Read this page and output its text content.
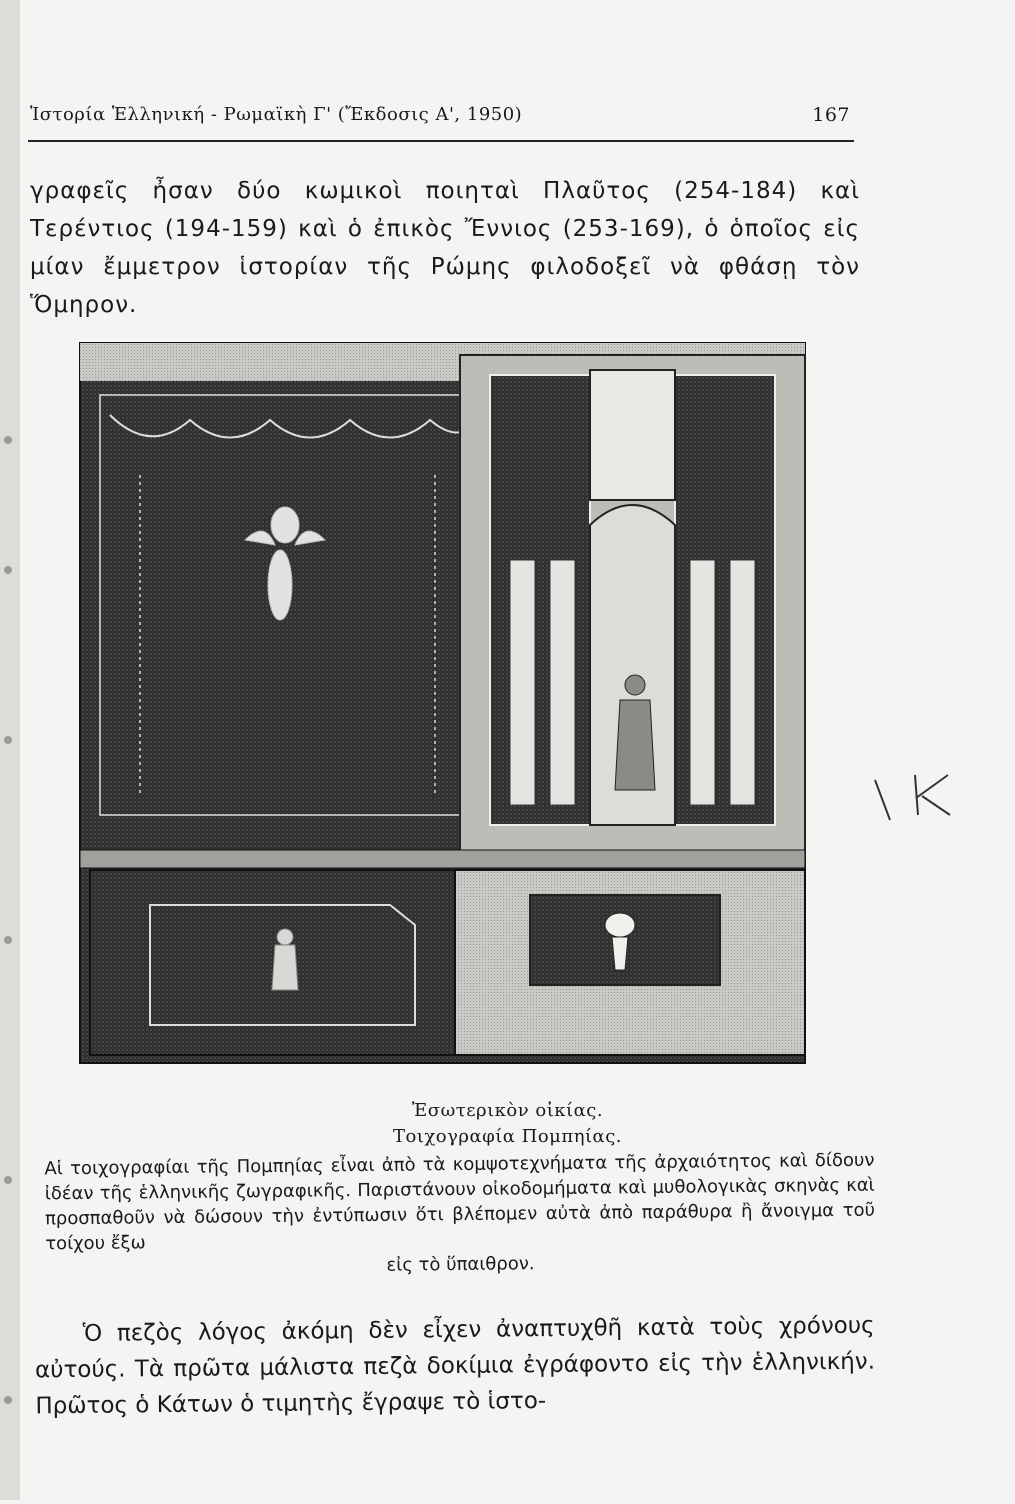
Ἱστορία Ἑλληνική - Ρωμαϊκὴ Γ' (Ἔκδοσις Α', 1950)	167
γραφεῖς ἦσαν δύο κωμικοὶ ποιηταὶ Πλαῦτος (254-184) καὶ Τερέντιος (194-159) καὶ ὁ ἐπικὸς Ἔννιος (253-169), ὁ ὁποῖος εἰς μίαν ἔμμετρον ἱστορίαν τῆς Ρώμης φιλοδοξεῖ νὰ φθάσῃ τὸν Ὅμηρον.
Ἐσωτερικὸν οἰκίας.
Τοιχογραφία Πομπηίας.
Αἱ τοιχογραφίαι τῆς Πομπηίας εἶναι ἀπὸ τὰ κομψοτεχνήματα τῆς ἀρχαιότητος καὶ δίδουν ἰδέαν τῆς ἑλληνικῆς ζωγραφικῆς. Παριστάνουν οἰκοδομήματα καὶ μυθολογικὰς σκηνὰς καὶ προσπαθοῦν νὰ δώσουν τὴν ἐντύπωσιν ὅτι βλέπομεν αὐτὰ ἀπὸ παράθυρα ἢ ἄνοιγμα τοῦ τοίχου ἔξω
εἰς τὸ ὕπαιθρον.
Ὁ πεζὸς λόγος ἀκόμη δὲν εἶχεν ἀναπτυχθῆ κατὰ τοὺς χρόνους αὐτούς. Τὰ πρῶτα μάλιστα πεζὰ δοκίμια ἐγράφοντο εἰς τὴν ἑλληνικήν. Πρῶτος ὁ Κάτων ὁ τιμητὴς ἔγραψε τὸ ἱστο-
